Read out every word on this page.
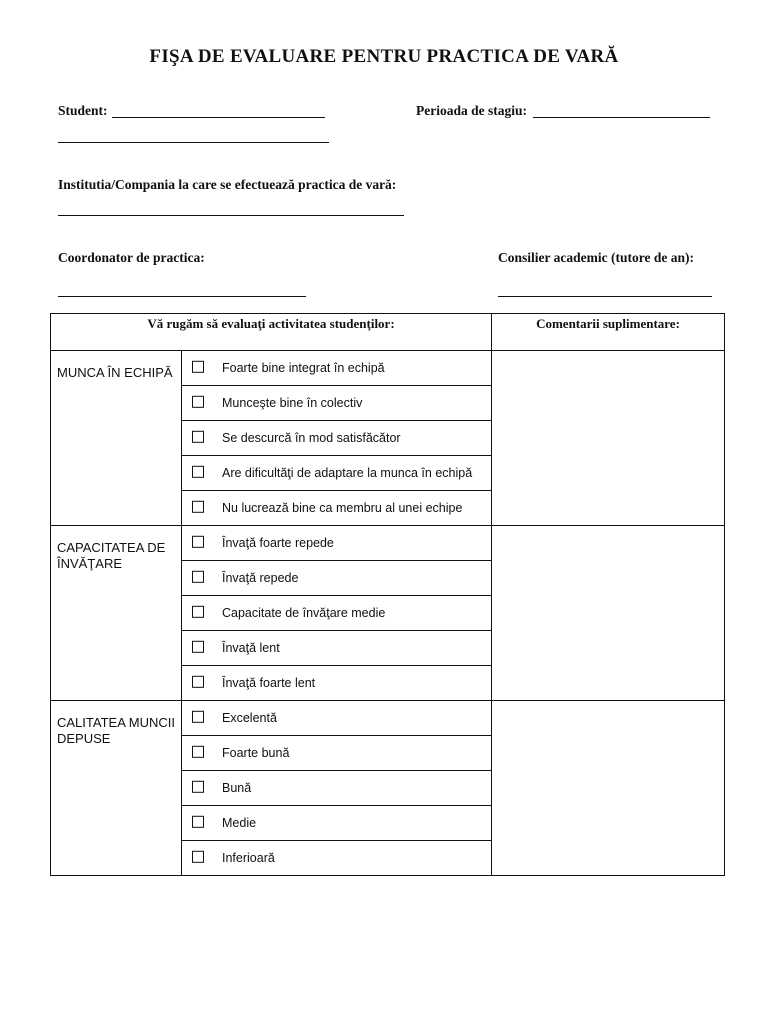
FIŞA DE EVALUARE PENTRU PRACTICA DE VARĂ
Student:	Perioada de stagiu:
Institutia/Compania la care se efectuează practica de vară:
Coordonator de practica:	Consilier academic (tutore de an):
Vă rugăm să evaluaţi activitatea studenţilor:		Comentarii suplimentare:
MUNCA ÎN ECHIPĂ	Foarte bine integrat în echipă	

	Munceşte bine în colectiv	

	Se descurcă în mod satisfăcător	

	Are dificultăţi de adaptare la munca în echipă	

	Nu lucrează bine ca membru al unei echipe	

CAPACITATEA DE ÎNVĂŢARE	Învaţă foarte repede	

	Învaţă repede	

	Capacitate de învăţare medie	

	Învaţă lent	

	Învaţă foarte lent	

CALITATEA MUNCII DEPUSE	Excelentă	

	Foarte bună	

	Bună	

	Medie	

	Inferioară	
